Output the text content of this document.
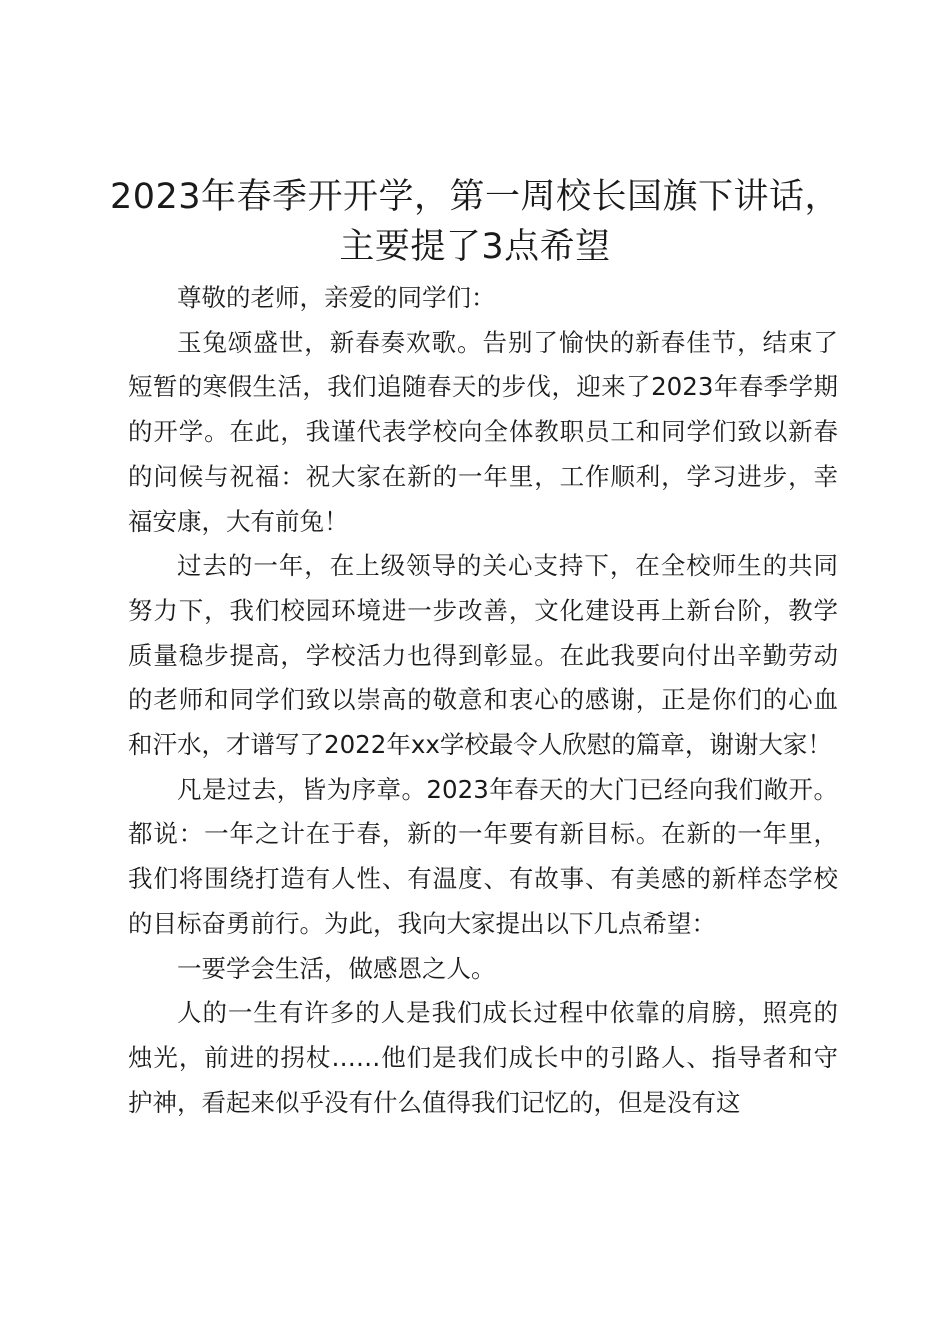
2023年春季开开学，第一周校长国旗下讲话，主要提了3点希望

尊敬的老师，亲爱的同学们：

玉兔颂盛世，新春奏欢歌。告别了愉快的新春佳节，结束了短暂的寒假生活，我们追随春天的步伐，迎来了2023年春季学期的开学。在此，我谨代表学校向全体教职员工和同学们致以新春的问候与祝福：祝大家在新的一年里，工作顺利，学习进步，幸福安康，大有前兔！

过去的一年，在上级领导的关心支持下，在全校师生的共同努力下，我们校园环境进一步改善，文化建设再上新台阶，教学质量稳步提高，学校活力也得到彰显。在此我要向付出辛勤劳动的老师和同学们致以崇高的敬意和衷心的感谢，正是你们的心血和汗水，才谱写了2022年xx学校最令人欣慰的篇章，谢谢大家！

凡是过去，皆为序章。2023年春天的大门已经向我们敞开。都说：一年之计在于春，新的一年要有新目标。在新的一年里，我们将围绕打造有人性、有温度、有故事、有美感的新样态学校的目标奋勇前行。为此，我向大家提出以下几点希望：

一要学会生活，做感恩之人。

人的一生有许多的人是我们成长过程中依靠的肩膀，照亮的烛光，前进的拐杖……他们是我们成长中的引路人、指导者和守护神，看起来似乎没有什么值得我们记忆的，但是没有这
